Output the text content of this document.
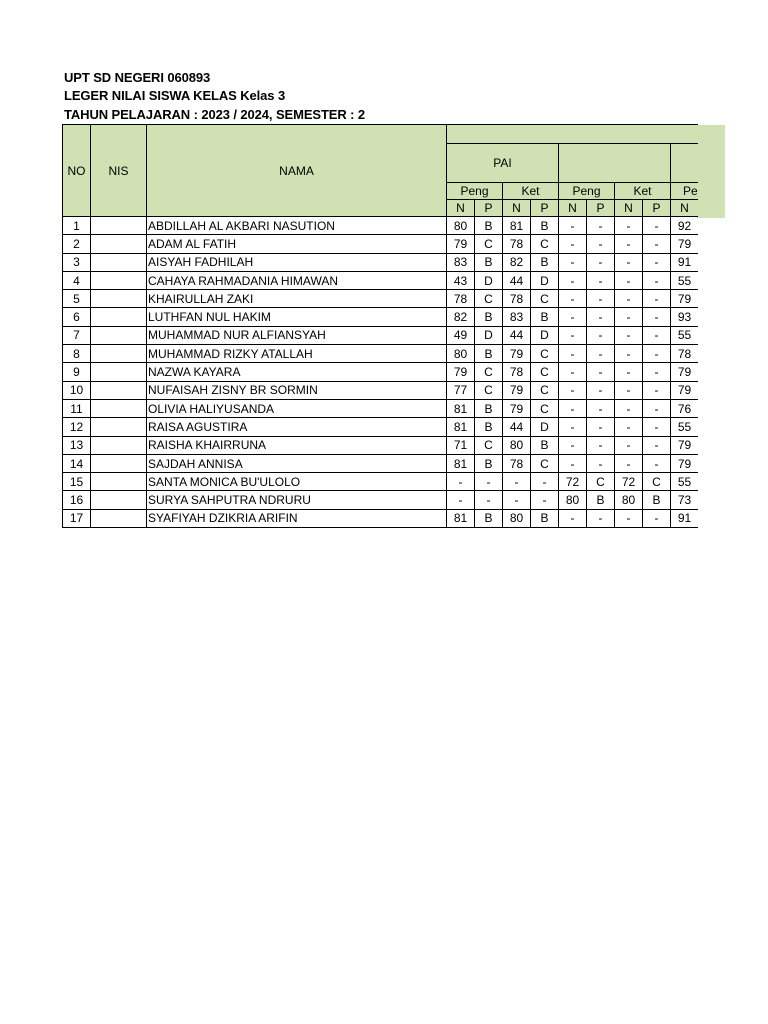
UPT SD NEGERI 060893
LEGER NILAI SISWA KELAS Kelas 3
TAHUN PELAJARAN : 2023 / 2024, SEMESTER : 2
NO	NIS	NAMA											
			PAI										
			Peng		Ket		Peng		Ket		Pe		
			N	P	N	P	N	P	N	P	N		
1		ABDILLAH AL AKBARI NASUTION	80	B	81	B	-	-	-	-	92		
2		ADAM AL FATIH	79	C	78	C	-	-	-	-	79		
3		AISYAH FADHILAH	83	B	82	B	-	-	-	-	91		
4		CAHAYA RAHMADANIA HIMAWAN	43	D	44	D	-	-	-	-	55		
5		KHAIRULLAH ZAKI	78	C	78	C	-	-	-	-	79		
6		LUTHFAN NUL HAKIM	82	B	83	B	-	-	-	-	93		
7		MUHAMMAD NUR ALFIANSYAH	49	D	44	D	-	-	-	-	55		
8		MUHAMMAD RIZKY ATALLAH	80	B	79	C	-	-	-	-	78		
9		NAZWA KAYARA	79	C	78	C	-	-	-	-	79		
10		NUFAISAH ZISNY BR SORMIN	77	C	79	C	-	-	-	-	79		
11		OLIVIA HALIYUSANDA	81	B	79	C	-	-	-	-	76		
12		RAISA AGUSTIRA	81	B	44	D	-	-	-	-	55		
13		RAISHA KHAIRRUNA	71	C	80	B	-	-	-	-	79		
14		SAJDAH ANNISA	81	B	78	C	-	-	-	-	79		
15		SANTA MONICA BU'ULOLO	-	-	-	-	72	C	72	C	55		
16		SURYA SAHPUTRA NDRURU	-	-	-	-	80	B	80	B	73		
17		SYAFIYAH DZIKRIA ARIFIN	81	B	80	B	-	-	-	-	91		
